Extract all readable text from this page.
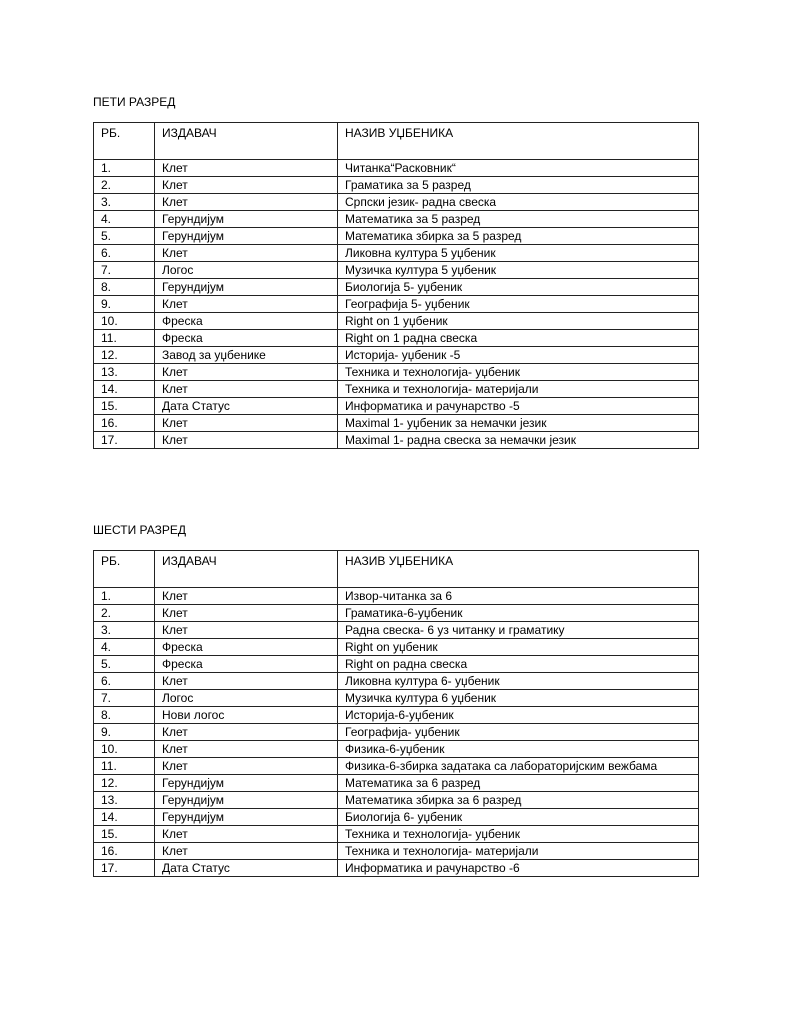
ПЕТИ РАЗРЕД
РБ.	ИЗДАВАЧ	НАЗИВ УЏБЕНИКА
1.	Клет	Читанка“Расковник“
2.	Клет	Граматика за 5 разред
3.	Клет	Српски језик- радна свеска
4.	Герундијум	Математика за 5 разред
5.	Герундијум	Математика збирка за 5 разред
6.	Клет	Ликовна култура 5 уџбеник
7.	Логос	Музичка култура 5 уџбеник
8.	Герундијум	Биологија 5- уџбеник
9.	Клет	Географија 5- уџбеник
10.	Фреска	Right on 1 уџбеник
11.	Фреска	Right on 1 радна свеска
12.	Завод за уџбенике	Историја- уџбеник -5
13.	Клет	Техника и технологија- уџбеник
14.	Клет	Техника и технологија- материјали
15.	Дата Статус	Информатика и рачунарство -5
16.	Клет	Maximal 1- уџбеник за немачки језик
17.	Клет	Maximal 1- радна свеска за немачки језик
ШЕСТИ РАЗРЕД
РБ.	ИЗДАВАЧ	НАЗИВ УЏБЕНИКА
1.	Клет	Извор-читанка за 6
2.	Клет	Граматика-6-уџбеник
3.	Клет	Радна свеска- 6 уз читанку и граматику
4.	Фреска	Right on уџбеник
5.	Фреска	Right on радна свеска
6.	Клет	Ликовна култура 6- уџбеник
7.	Логос	Музичка култура 6 уџбеник
8.	Нови логос	Историја-6-уџбеник
9.	Клет	Географија- уџбеник
10.	Клет	Физика-6-уџбеник
11.	Клет	Физика-6-збирка задатака са лабораторијским вежбама
12.	Герундијум	Математика за 6 разред
13.	Герундијум	Математика збирка за 6 разред
14.	Герундијум	Биологија 6- уџбеник
15.	Клет	Техника и технологија- уџбеник
16.	Клет	Техника и технологија- материјали
17.	Дата Статус	Информатика и рачунарство -6
